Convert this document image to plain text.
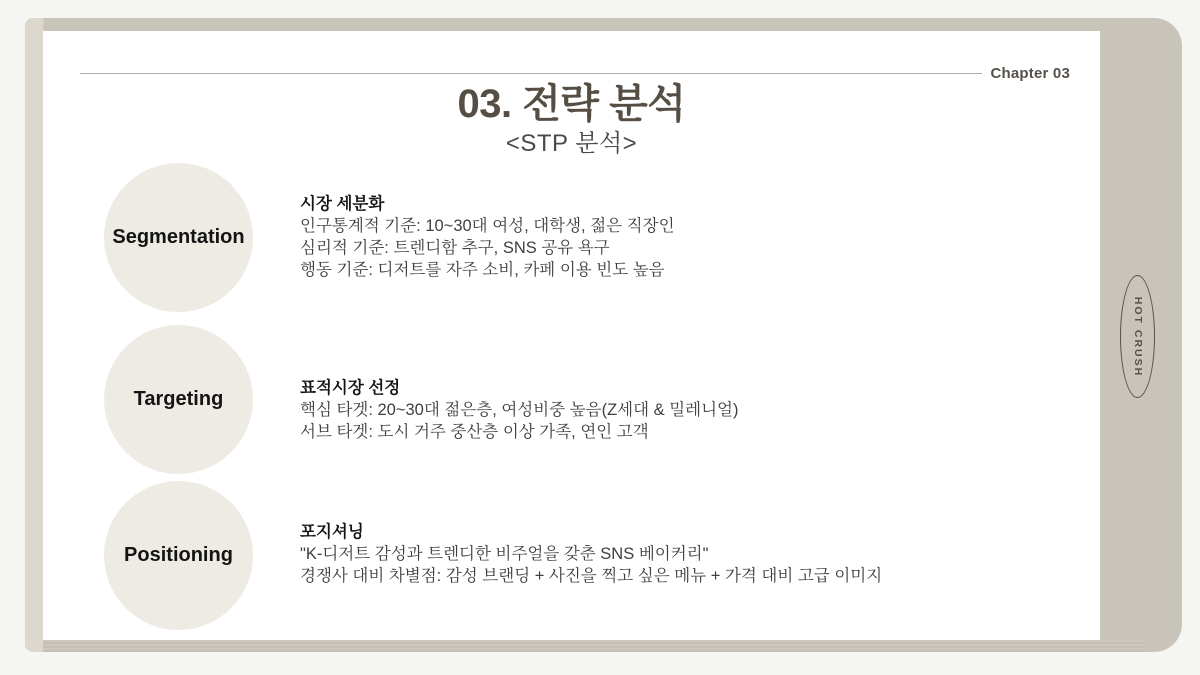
Chapter 03
03. 전략 분석
<STP 분석>
Segmentation
시장 세분화
인구통계적 기준: 10~30대 여성, 대학생, 젊은 직장인
심리적 기준: 트렌디함 추구, SNS 공유 욕구
행동 기준: 디저트를 자주 소비, 카페 이용 빈도 높음
Targeting	표적시장 선정
핵심 타겟: 20~30대 젊은층, 여성비중 높음(Z세대 & 밀레니얼)
서브 타겟: 도시 거주 중산층 이상 가족, 연인 고객
Positioning
포지셔닝
"K-디저트 감성과 트렌디한 비주얼을 갖춘 SNS 베이커리"
경쟁사 대비 차별점: 감성 브랜딩 + 사진을 찍고 싶은 메뉴 + 가격 대비 고급 이미지
HOT CRUSH
